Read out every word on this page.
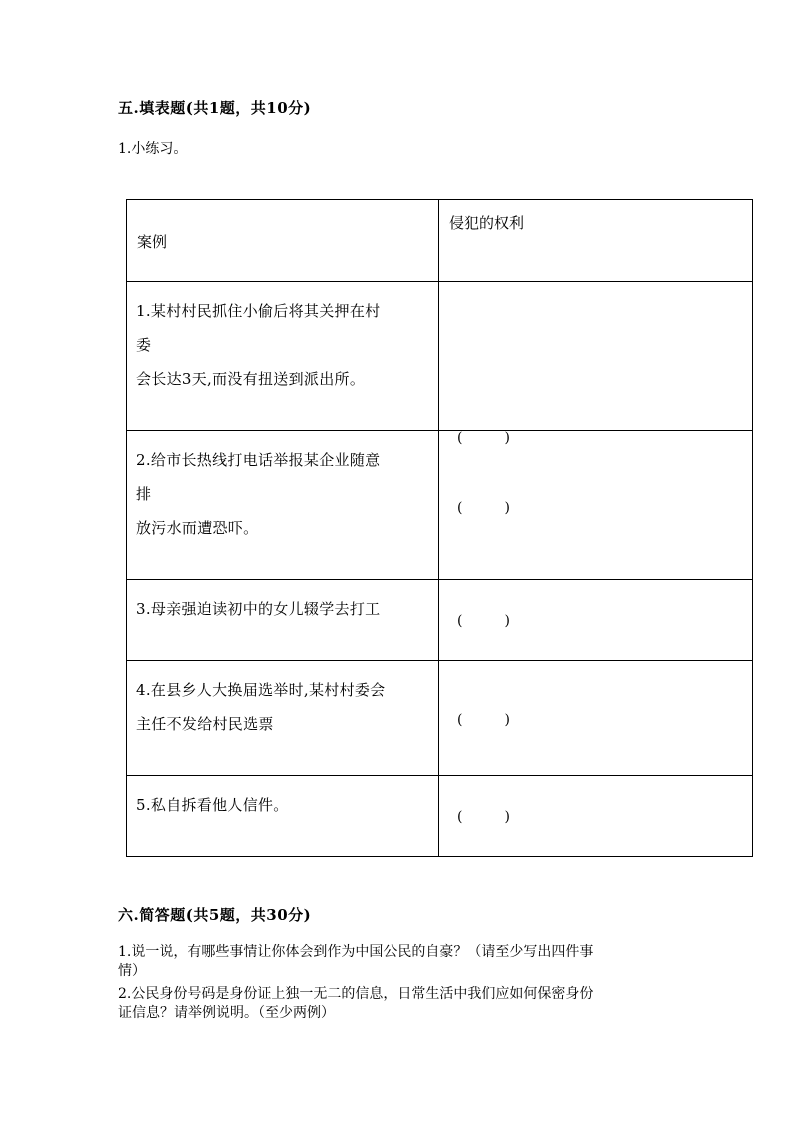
五.填表题(共1题，共10分)
1.小练习。
案例	侵犯的权利

1.某村村民抓住小偷后将其关押在村
委
会长达3天,而没有扭送到派出所。	(　　　)

2.给市长热线打电话举报某企业随意
排
放污水而遭恐吓。	(　　　)

3.母亲强迫读初中的女儿辍学去打工	(　　　)

4.在县乡人大换届选举时,某村村委会
主任不发给村民选票	(　　　)

5.私自拆看他人信件。	(　　　)
六.简答题(共5题，共30分)
1.说一说，有哪些事情让你体会到作为中国公民的自豪？（请至少写出四件事
情）
2.公民身份号码是身份证上独一无二的信息，日常生活中我们应如何保密身份
证信息？请举例说明。（至少两例）
